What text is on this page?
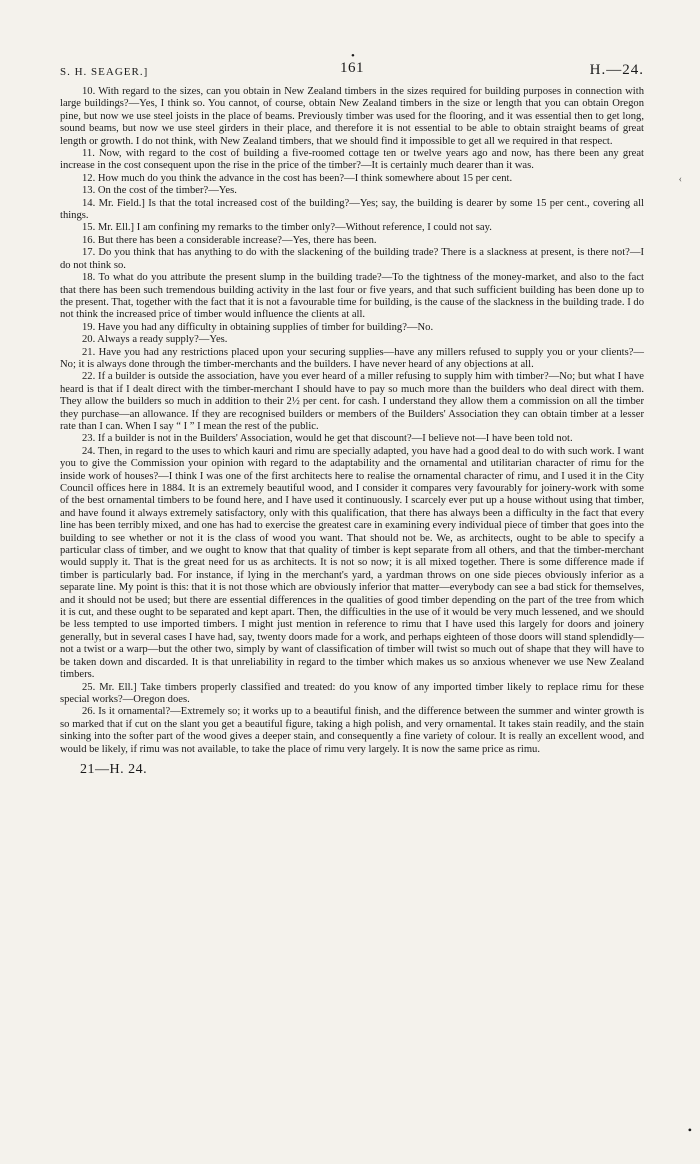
•
‹
S. H. SEAGER.]	161	H.—24.

10. With regard to the sizes, can you obtain in New Zealand timbers in the sizes required for building purposes in connection with large buildings?—Yes, I think so. You cannot, of course, obtain New Zealand timbers in the size or length that you can obtain Oregon pine, but now we use steel joists in the place of beams. Previously timber was used for the flooring, and it was essential then to get long, sound beams, but now we use steel girders in their place, and therefore it is not essential to be able to obtain straight beams of great length or growth. I do not think, with New Zealand timbers, that we should find it impossible to get all we required in that respect.

11. Now, with regard to the cost of building a five-roomed cottage ten or twelve years ago and now, has there been any great increase in the cost consequent upon the rise in the price of the timber?—It is certainly much dearer than it was.

12. How much do you think the advance in the cost has been?—I think somewhere about 15 per cent.

13. On the cost of the timber?—Yes.

14. Mr. Field.] Is that the total increased cost of the building?—Yes; say, the building is dearer by some 15 per cent., covering all things.

15. Mr. Ell.] I am confining my remarks to the timber only?—Without reference, I could not say.

16. But there has been a considerable increase?—Yes, there has been.

17. Do you think that has anything to do with the slackening of the building trade? There is a slackness at present, is there not?—I do not think so.

18. To what do you attribute the present slump in the building trade?—To the tightness of the money-market, and also to the fact that there has been such tremendous building activity in the last four or five years, and that such sufficient building has been done up to the present. That, together with the fact that it is not a favourable time for building, is the cause of the slackness in the building trade. I do not think the increased price of timber would influence the clients at all.

19. Have you had any difficulty in obtaining supplies of timber for building?—No.

20. Always a ready supply?—Yes.

21. Have you had any restrictions placed upon your securing supplies—have any millers refused to supply you or your clients?—No; it is always done through the timber-merchants and the builders. I have never heard of any objections at all.

22. If a builder is outside the association, have you ever heard of a miller refusing to supply him with timber?—No; but what I have heard is that if I dealt direct with the timber-merchant I should have to pay so much more than the builders who deal direct with them. They allow the builders so much in addition to their 2½ per cent. for cash. I understand they allow them a commission on all the timber they purchase—an allowance. If they are recognised builders or members of the Builders' Association they can obtain timber at a lesser rate than I can. When I say “ I ” I mean the rest of the public.

23. If a builder is not in the Builders' Association, would he get that discount?—I believe not—I have been told not.

24. Then, in regard to the uses to which kauri and rimu are specially adapted, you have had a good deal to do with such work. I want you to give the Commission your opinion with regard to the adaptability and the ornamental and utilitarian character of rimu for the inside work of houses?—I think I was one of the first architects here to realise the ornamental character of rimu, and I used it in the City Council offices here in 1884. It is an extremely beautiful wood, and I consider it compares very favourably for joinery-work with some of the best ornamental timbers to be found here, and I have used it continuously. I scarcely ever put up a house without using that timber, and have found it always extremely satisfactory, only with this qualification, that there has always been a difficulty in the fact that every line has been terribly mixed, and one has had to exercise the greatest care in examining every individual piece of timber that goes into the building to see whether or not it is the class of wood you want. That should not be. We, as architects, ought to be able to specify a particular class of timber, and we ought to know that that quality of timber is kept separate from all others, and that the timber-merchant would supply it. That is the great need for us as architects. It is not so now; it is all mixed together. There is some difference made if timber is particularly bad. For instance, if lying in the merchant's yard, a yardman throws on one side pieces obviously inferior as a separate line. My point is this: that it is not those which are obviously inferior that matter—everybody can see a bad stick for themselves, and it should not be used; but there are essential differences in the qualities of good timber depending on the part of the tree from which it is cut, and these ought to be separated and kept apart. Then, the difficulties in the use of it would be very much lessened, and we should be less tempted to use imported timbers. I might just mention in reference to rimu that I have used this largely for doors and joinery generally, but in several cases I have had, say, twenty doors made for a work, and perhaps eighteen of those doors will stand splendidly—not a twist or a warp—but the other two, simply by want of classification of timber will twist so much out of shape that they will have to be taken down and discarded. It is that unreliability in regard to the timber which makes us so anxious whenever we use New Zealand timbers.

25. Mr. Ell.] Take timbers properly classified and treated: do you know of any imported timber likely to replace rimu for these special works?—Oregon does.

26. Is it ornamental?—Extremely so; it works up to a beautiful finish, and the difference between the summer and winter growth is so marked that if cut on the slant you get a beautiful figure, taking a high polish, and very ornamental. It takes stain readily, and the stain sinking into the softer part of the wood gives a deeper stain, and consequently a fine variety of colour. It is really an excellent wood, and would be likely, if rimu was not available, to take the place of rimu very largely. It is now the same price as rimu.

21—H. 24.
•
